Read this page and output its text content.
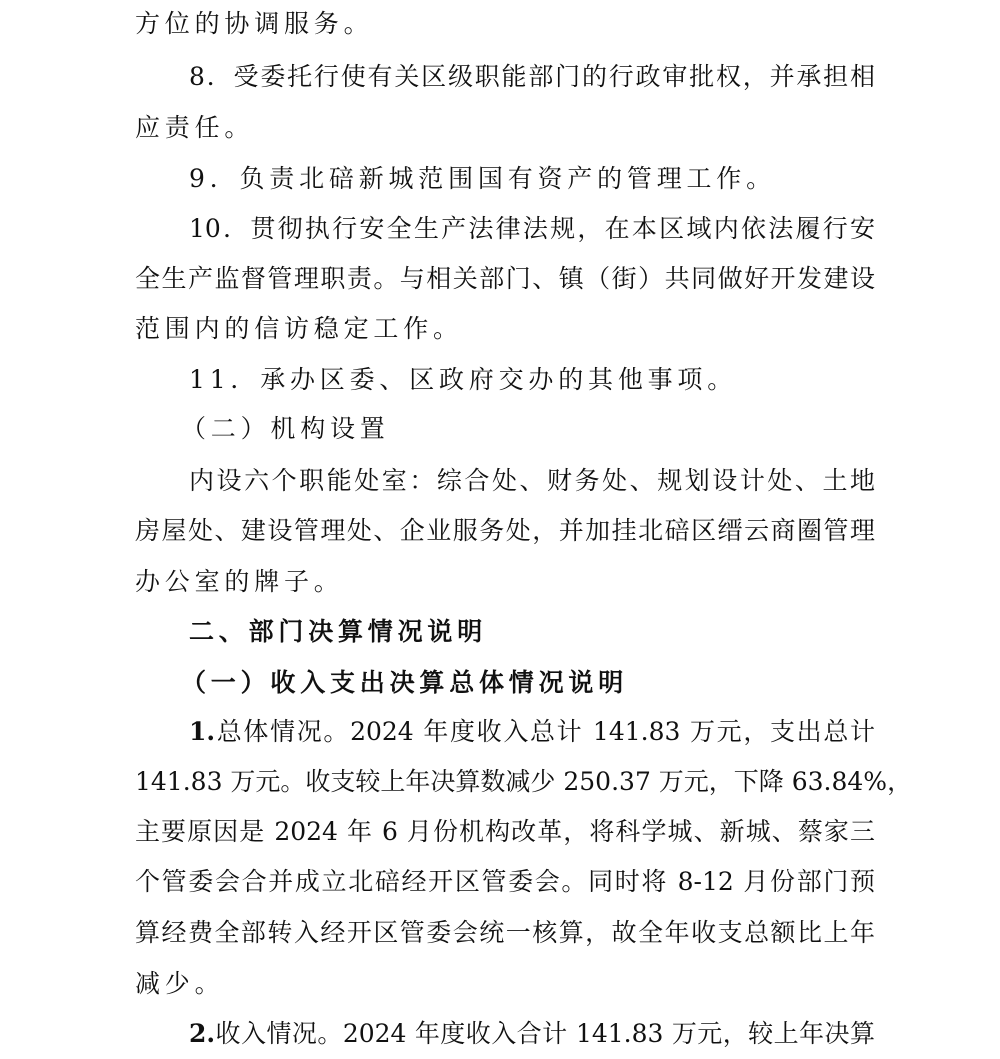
方位的协调服务。
8．受委托行使有关区级职能部门的行政审批权，并承担相
应责任。
9．负责北碚新城范围国有资产的管理工作。
10．贯彻执行安全生产法律法规，在本区域内依法履行安
全生产监督管理职责。与相关部门、镇（街）共同做好开发建设
范围内的信访稳定工作。
11．承办区委、区政府交办的其他事项。
（二）机构设置
内设六个职能处室：综合处、财务处、规划设计处、土地
房屋处、建设管理处、企业服务处，并加挂北碚区缙云商圈管理
办公室的牌子。
二、部门决算情况说明
（一）收入支出决算总体情况说明
1.总体情况。2024 年度收入总计 141.83 万元，支出总计
141.83 万元。收支较上年决算数减少 250.37 万元，下降 63.84%，
主要原因是 2024 年 6 月份机构改革，将科学城、新城、蔡家三
个管委会合并成立北碚经开区管委会。同时将 8-12 月份部门预
算经费全部转入经开区管委会统一核算，故全年收支总额比上年
减少。
2.收入情况。2024 年度收入合计 141.83 万元，较上年决算
